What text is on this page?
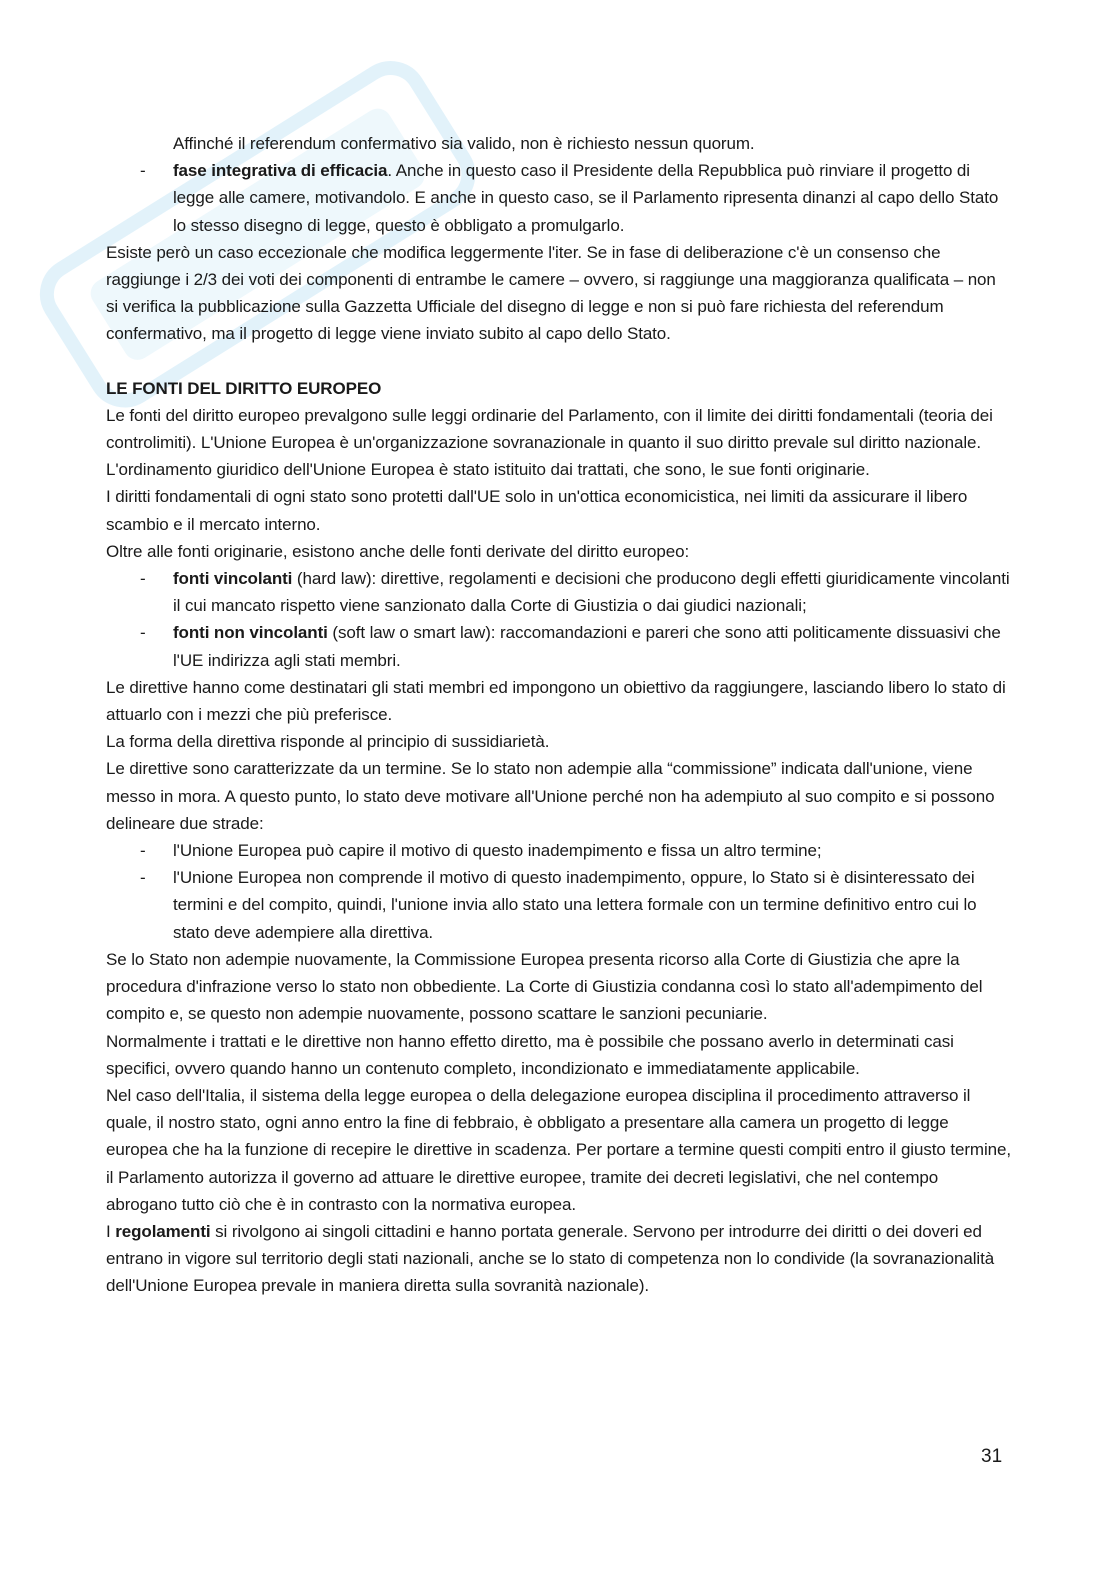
Affinché il referendum confermativo sia valido, non è richiesto nessun quorum.

- fase integrativa di efficacia. Anche in questo caso il Presidente della Repubblica può rinviare il progetto di legge alle camere, motivandolo. E anche in questo caso, se il Parlamento ripresenta dinanzi al capo dello Stato lo stesso disegno di legge, questo è obbligato a promulgarlo.

Esiste però un caso eccezionale che modifica leggermente l'iter. Se in fase di deliberazione c'è un consenso che raggiunge i 2/3 dei voti dei componenti di entrambe le camere – ovvero, si raggiunge una maggioranza qualificata – non si verifica la pubblicazione sulla Gazzetta Ufficiale del disegno di legge e non si può fare richiesta del referendum confermativo, ma il progetto di legge viene inviato subito al capo dello Stato.

LE FONTI DEL DIRITTO EUROPEO

Le fonti del diritto europeo prevalgono sulle leggi ordinarie del Parlamento, con il limite dei diritti fondamentali (teoria dei controlimiti). L'Unione Europea è un'organizzazione sovranazionale in quanto il suo diritto prevale sul diritto nazionale.

L'ordinamento giuridico dell'Unione Europea è stato istituito dai trattati, che sono, le sue fonti originarie.

I diritti fondamentali di ogni stato sono protetti dall'UE solo in un'ottica economicistica, nei limiti da assicurare il libero scambio e il mercato interno.

Oltre alle fonti originarie, esistono anche delle fonti derivate del diritto europeo:

- fonti vincolanti (hard law): direttive, regolamenti e decisioni che producono degli effetti giuridicamente vincolanti il cui mancato rispetto viene sanzionato dalla Corte di Giustizia o dai giudici nazionali;

- fonti non vincolanti (soft law o smart law): raccomandazioni e pareri che sono atti politicamente dissuasivi che l'UE indirizza agli stati membri.

Le direttive hanno come destinatari gli stati membri ed impongono un obiettivo da raggiungere, lasciando libero lo stato di attuarlo con i mezzi che più preferisce.

La forma della direttiva risponde al principio di sussidiarietà.

Le direttive sono caratterizzate da un termine. Se lo stato non adempie alla “commissione” indicata dall'unione, viene messo in mora. A questo punto, lo stato deve motivare all'Unione perché non ha adempiuto al suo compito e si possono delineare due strade:

- l'Unione Europea può capire il motivo di questo inadempimento e fissa un altro termine;

- l'Unione Europea non comprende il motivo di questo inadempimento, oppure, lo Stato si è disinteressato dei termini e del compito, quindi, l'unione invia allo stato una lettera formale con un termine definitivo entro cui lo stato deve adempiere alla direttiva.

Se lo Stato non adempie nuovamente, la Commissione Europea presenta ricorso alla Corte di Giustizia che apre la procedura d'infrazione verso lo stato non obbediente. La Corte di Giustizia condanna così lo stato all'adempimento del compito e, se questo non adempie nuovamente, possono scattare le sanzioni pecuniarie.

Normalmente i trattati e le direttive non hanno effetto diretto, ma è possibile che possano averlo in determinati casi specifici, ovvero quando hanno un contenuto completo, incondizionato e immediatamente applicabile.

Nel caso dell'Italia, il sistema della legge europea o della delegazione europea disciplina il procedimento attraverso il quale, il nostro stato, ogni anno entro la fine di febbraio, è obbligato a presentare alla camera un progetto di legge europea che ha la funzione di recepire le direttive in scadenza. Per portare a termine questi compiti entro il giusto termine, il Parlamento autorizza il governo ad attuare le direttive europee, tramite dei decreti legislativi, che nel contempo abrogano tutto ciò che è in contrasto con la normativa europea.

I regolamenti si rivolgono ai singoli cittadini e hanno portata generale. Servono per introdurre dei diritti o dei doveri ed entrano in vigore sul territorio degli stati nazionali, anche se lo stato di competenza non lo condivide (la sovranazionalità dell'Unione Europea prevale in maniera diretta sulla sovranità nazionale).

31
